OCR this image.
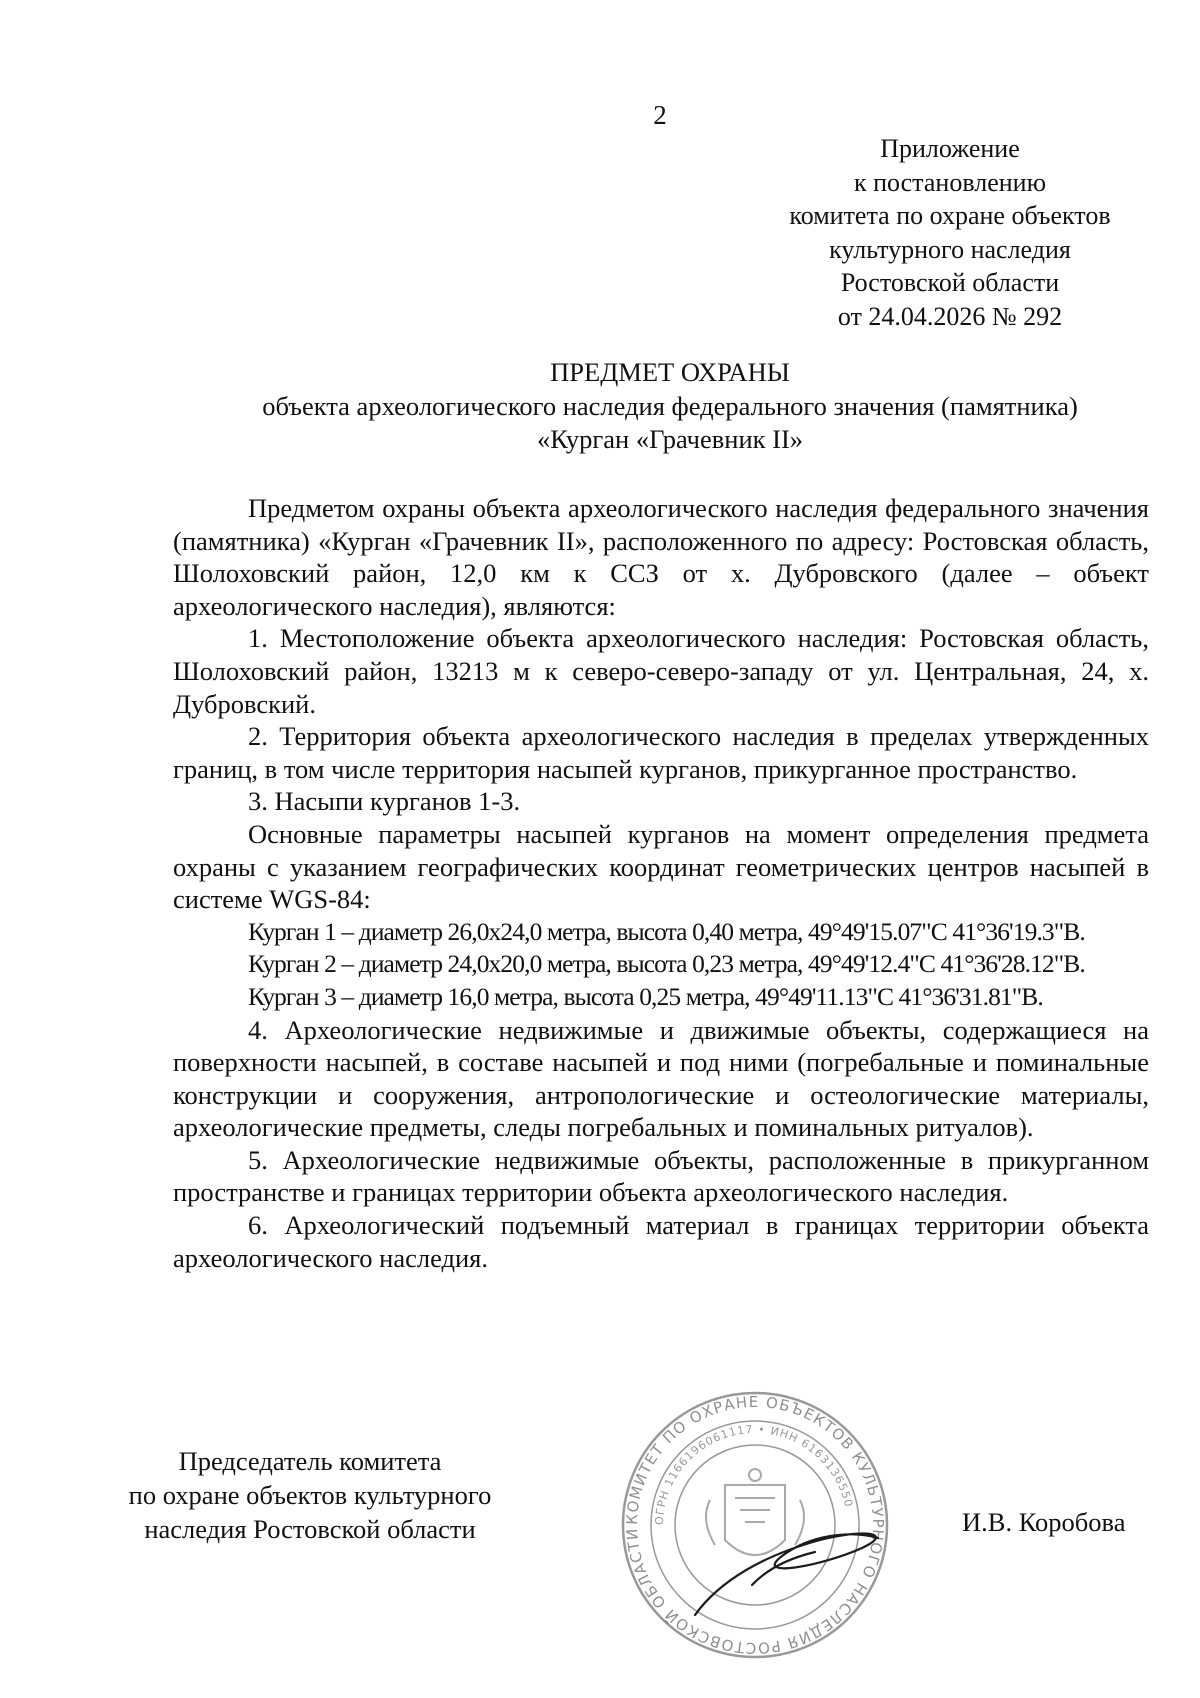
2
Приложение
к постановлению
комитета по охране объектов
культурного наследия
Ростовской области
от 24.04.2026 № 292
ПРЕДМЕТ ОХРАНЫ
объекта археологического наследия федерального значения (памятника)
«Курган «Грачевник II»

Предметом охраны объекта археологического наследия федерального значения (памятника) «Курган «Грачевник II», расположенного по адресу: Ростовская область, Шолоховский район, 12,0 км к ССЗ от х. Дубровского (далее – объект археологического наследия), являются:

1. Местоположение объекта археологического наследия: Ростовская область, Шолоховский район, 13213 м к северо-северо-западу от ул. Центральная, 24, х. Дубровский.

2. Территория объекта археологического наследия в пределах утвержденных границ, в том числе территория насыпей курганов, прикурганное пространство.

3. Насыпи курганов 1-3.

Основные параметры насыпей курганов на момент определения предмета охраны с указанием географических координат геометрических центров насыпей в системе WGS-84:

Курган 1 – диаметр 26,0х24,0 метра, высота 0,40 метра, 49°49'15.07"С 41°36'19.3"В.

Курган 2 – диаметр 24,0х20,0 метра, высота 0,23 метра, 49°49'12.4"С 41°36'28.12"В.

Курган 3 – диаметр 16,0 метра, высота 0,25 метра, 49°49'11.13"С 41°36'31.81"В.

4. Археологические недвижимые и движимые объекты, содержащиеся на поверхности насыпей, в составе насыпей и под ними (погребальные и поминальные конструкции и сооружения, антропологические и остеологические материалы, археологические предметы, следы погребальных и поминальных ритуалов).

5. Археологические недвижимые объекты, расположенные в прикурганном пространстве и границах территории объекта археологического наследия.

6. Археологический подъемный материал в границах территории объекта археологического наследия.

Председатель комитета
по охране объектов культурного
наследия Ростовской области	КОМИТЕТ ПО ОХРАНЕ ОБЪЕКТОВ КУЛЬТУРНОГО НАСЛЕДИЯ РОСТОВСКОЙ ОБЛАСТИ
ОГРН 1166196061117 • ИНН 6163136550
И.В. Коробова
